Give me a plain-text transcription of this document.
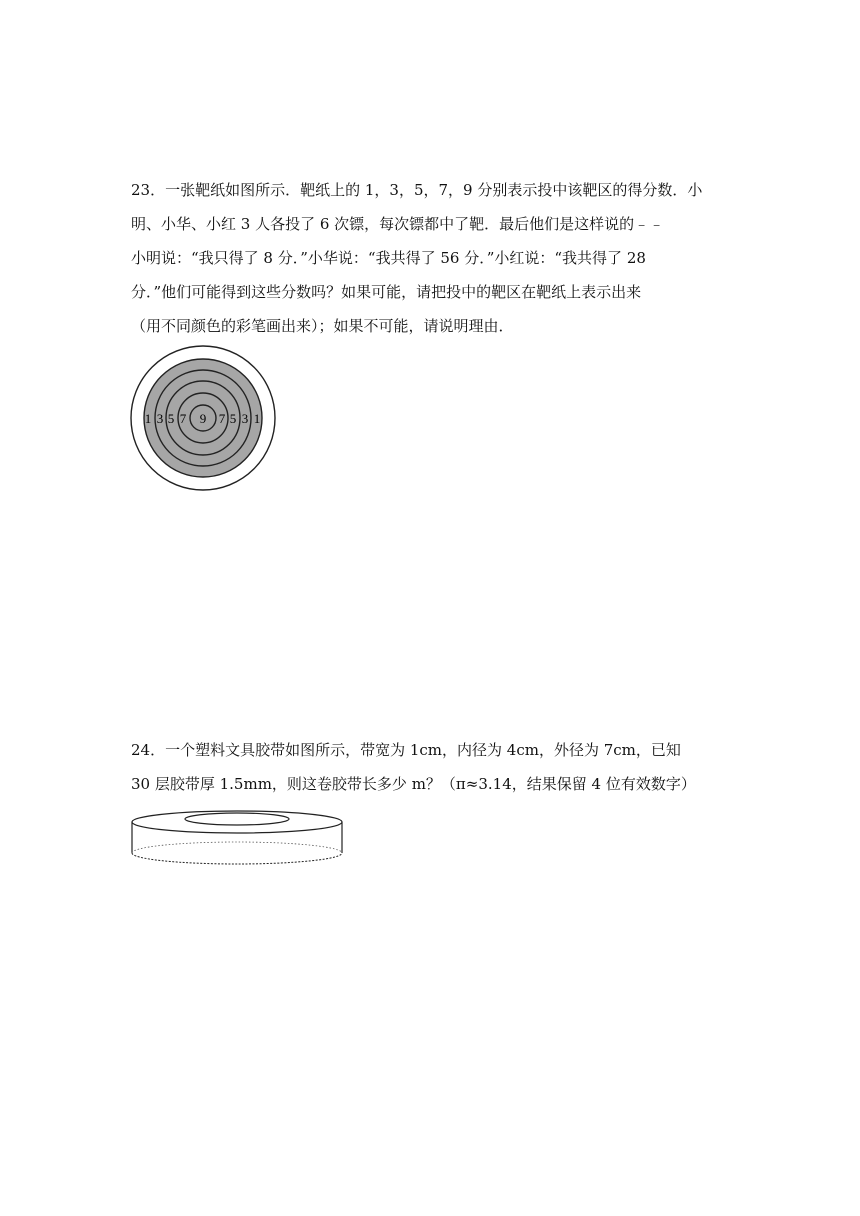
23．一张靶纸如图所示．靶纸上的 1，3，5，7，9 分别表示投中该靶区的得分数．小

明、小华、小红 3 人各投了 6 次镖，每次镖都中了靶．最后他们是这样说的﹣﹣

小明说：“我只得了 8 分．”小华说：“我共得了 56 分．”小红说：“我共得了 28

分．”他们可能得到这些分数吗？如果可能，请把投中的靶区在靶纸上表示出来

（用不同颜色的彩笔画出来）；如果不可能，请说明理由．

1 3 5 7 9 7 5 3 1

24．一个塑料文具胶带如图所示，带宽为 1cm，内径为 4cm，外径为 7cm，已知

30 层胶带厚 1.5mm，则这卷胶带长多少 m？（π≈3.14，结果保留 4 位有效数字）
